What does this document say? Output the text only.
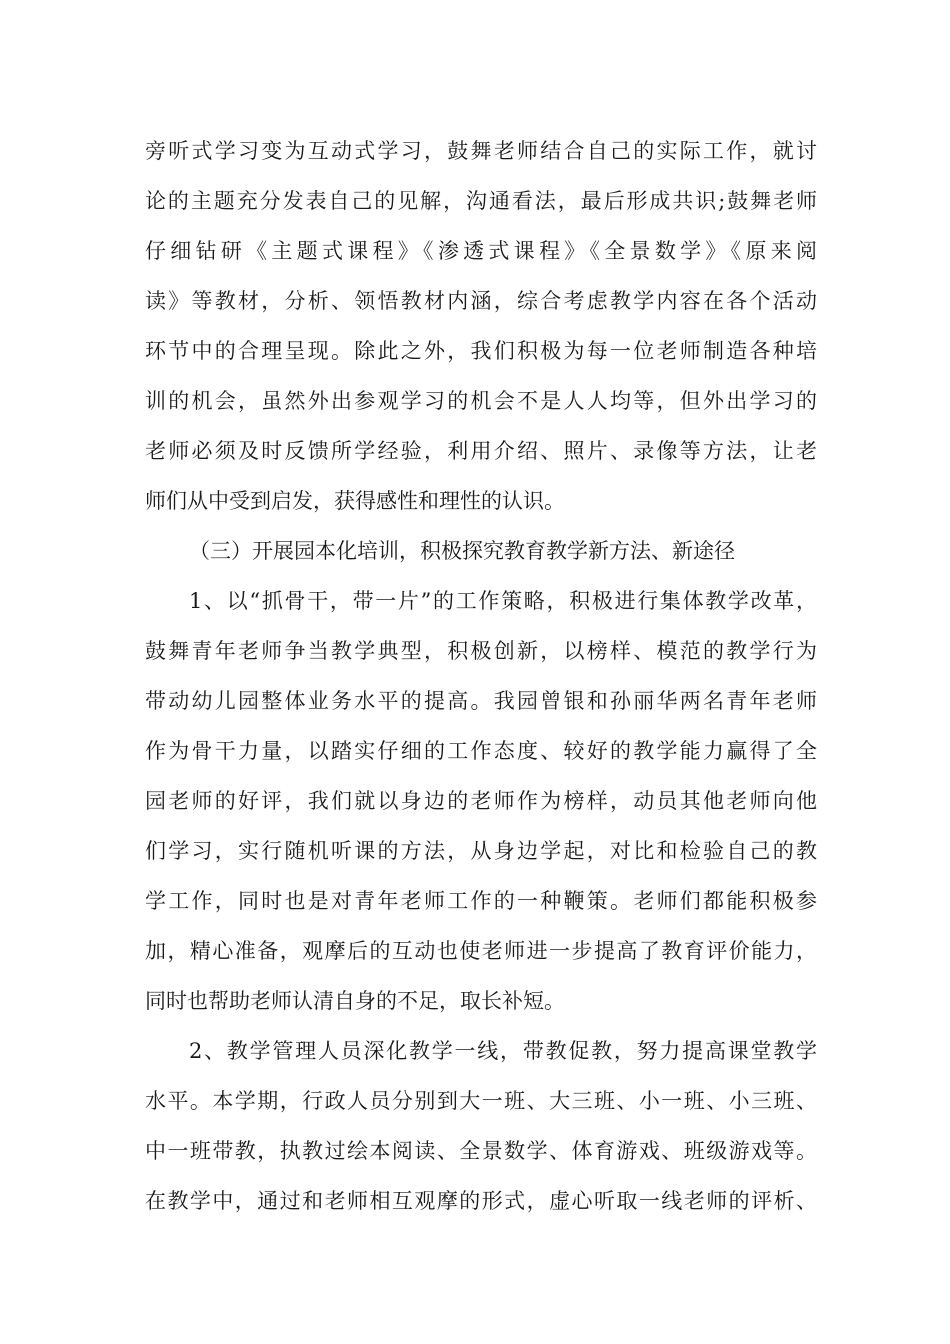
旁听式学习变为互动式学习，鼓舞老师结合自己的实际工作，就讨
论的主题充分发表自己的见解，沟通看法，最后形成共识;鼓舞老师
仔细钻研《主题式课程》《渗透式课程》《全景数学》《原来阅
读》等教材，分析、领悟教材内涵，综合考虑教学内容在各个活动
环节中的合理呈现。除此之外，我们积极为每一位老师制造各种培
训的机会，虽然外出参观学习的机会不是人人均等，但外出学习的
老师必须及时反馈所学经验，利用介绍、照片、录像等方法，让老
师们从中受到启发，获得感性和理性的认识。
（三）开展园本化培训，积极探究教育教学新方法、新途径
1、以“抓骨干，带一片”的工作策略，积极进行集体教学改革，
鼓舞青年老师争当教学典型，积极创新，以榜样、模范的教学行为
带动幼儿园整体业务水平的提高。我园曾银和孙丽华两名青年老师
作为骨干力量，以踏实仔细的工作态度、较好的教学能力赢得了全
园老师的好评，我们就以身边的老师作为榜样，动员其他老师向他
们学习，实行随机听课的方法，从身边学起，对比和检验自己的教
学工作，同时也是对青年老师工作的一种鞭策。老师们都能积极参
加，精心准备，观摩后的互动也使老师进一步提高了教育评价能力，
同时也帮助老师认清自身的不足，取长补短。
2、教学管理人员深化教学一线，带教促教，努力提高课堂教学
水平。本学期，行政人员分别到大一班、大三班、小一班、小三班、
中一班带教，执教过绘本阅读、全景数学、体育游戏、班级游戏等。
在教学中，通过和老师相互观摩的形式，虚心听取一线老师的评析、
